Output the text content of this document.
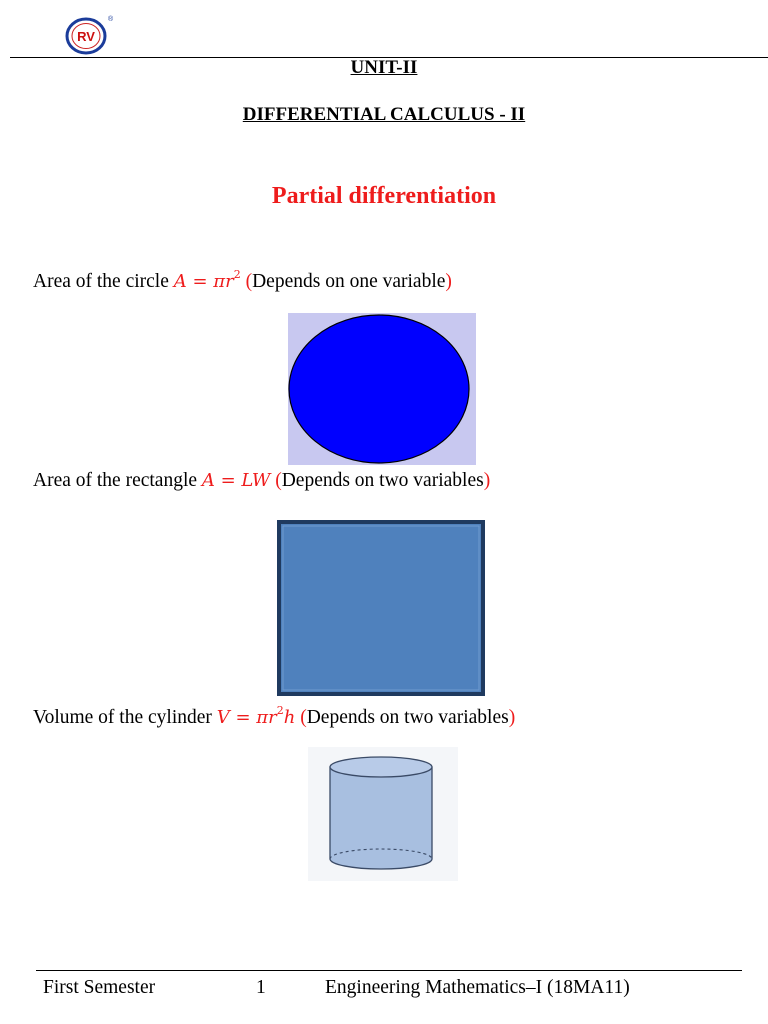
RV
®
UNIT-II
DIFFERENTIAL CALCULUS - II
Partial differentiation
Area of the circle $A = \pi r^2$ (Depends on one variable)
Area of the rectangle A = LW (Depends on two variables)
Volume of the cylinder $V = \pi r^2h$ (Depends on two variables)
First Semester	1	Engineering Mathematics–I (18MA11)
